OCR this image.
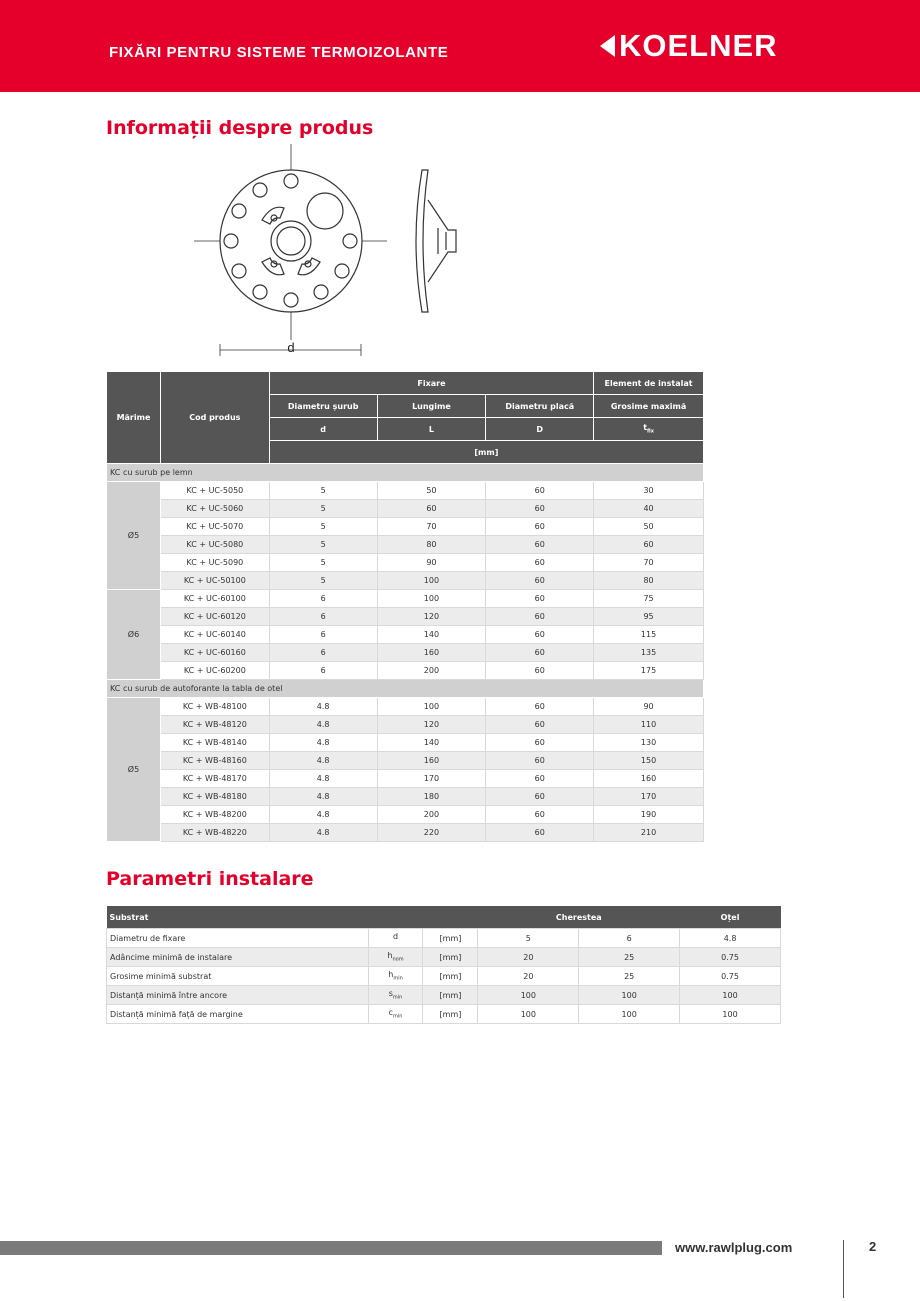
FIXĂRI PENTRU SISTEME TERMOIZOLANTE	KOELNER
Informații despre produs
d
Mărime	Cod produs	Fixare			Element de instalat
		Diametru șurub	Lungime	Diametru placă	Grosime maximă
		d	L	D	$t_{fix}$
		[mm]			
KC cu surub pe lemn					
Ø5	KC + UC-5050	5	50	60	30
	KC + UC-5060	5	60	60	40
	KC + UC-5070	5	70	60	50
	KC + UC-5080	5	80	60	60
	KC + UC-5090	5	90	60	70
	KC + UC-50100	5	100	60	80
Ø6	KC + UC-60100	6	100	60	75
	KC + UC-60120	6	120	60	95
	KC + UC-60140	6	140	60	115
	KC + UC-60160	6	160	60	135
	KC + UC-60200	6	200	60	175
KC cu surub de autoforante la tabla de otel					
Ø5	KC + WB-48100	4.8	100	60	90
	KC + WB-48120	4.8	120	60	110
	KC + WB-48140	4.8	140	60	130
	KC + WB-48160	4.8	160	60	150
	KC + WB-48170	4.8	170	60	160
	KC + WB-48180	4.8	180	60	170
	KC + WB-48200	4.8	200	60	190
	KC + WB-48220	4.8	220	60	210
Parametri instalare
Substrat			Cherestea		Oțel
Diametru de fixare	d	[mm]	5	6	4.8
Adâncime minimă de instalare	$h_{nom}$	[mm]	20	25	0.75
Grosime minimă substrat	$h_{min}$	[mm]	20	25	0.75
Distanță minimă între ancore	$s_{min}$	[mm]	100	100	100
Distanță minimă față de margine	$c_{min}$	[mm]	100	100	100
www.rawlplug.com	2
